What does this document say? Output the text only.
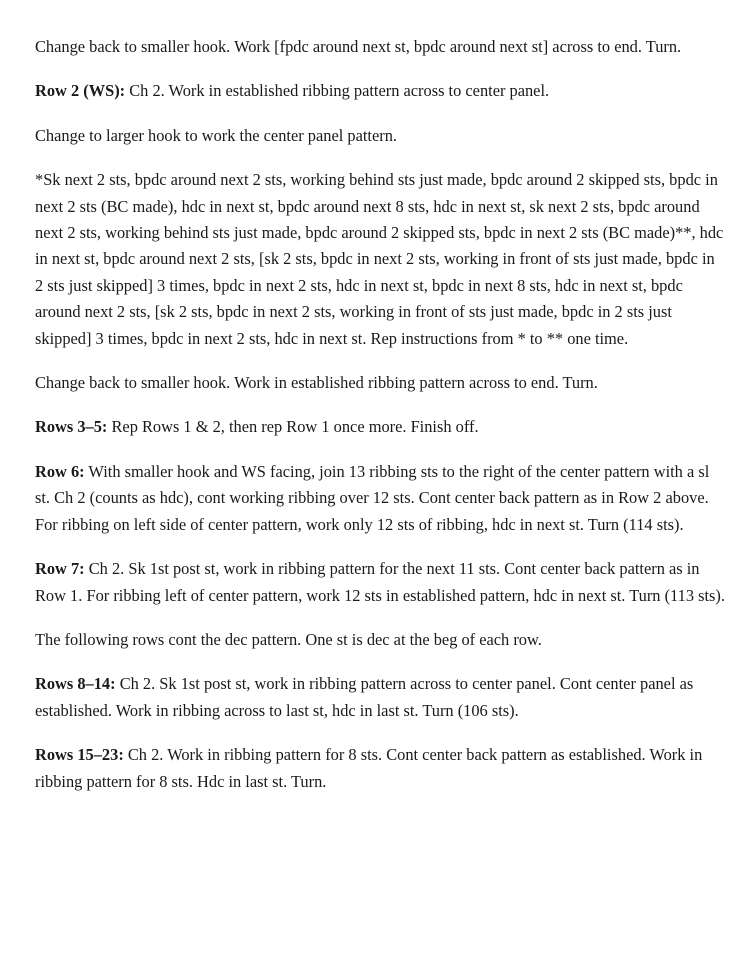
Change back to smaller hook. Work [fpdc around next st, bpdc around next st] across to end. Turn.

Row 2 (WS): Ch 2. Work in established ribbing pattern across to center panel.

Change to larger hook to work the center panel pattern.

*Sk next 2 sts, bpdc around next 2 sts, working behind sts just made, bpdc around 2 skipped sts, bpdc in next 2 sts (BC made), hdc in next st, bpdc around next 8 sts, hdc in next st, sk next 2 sts, bpdc around next 2 sts, working behind sts just made, bpdc around 2 skipped sts, bpdc in next 2 sts (BC made)**, hdc in next st, bpdc around next 2 sts, [sk 2 sts, bpdc in next 2 sts, working in front of sts just made, bpdc in 2 sts just skipped] 3 times, bpdc in next 2 sts, hdc in next st, bpdc in next 8 sts, hdc in next st, bpdc around next 2 sts, [sk 2 sts, bpdc in next 2 sts, working in front of sts just made, bpdc in 2 sts just skipped] 3 times, bpdc in next 2 sts, hdc in next st. Rep instructions from * to ** one time.

Change back to smaller hook. Work in established ribbing pattern across to end. Turn.

Rows 3–5: Rep Rows 1 & 2, then rep Row 1 once more. Finish off.

Row 6: With smaller hook and WS facing, join 13 ribbing sts to the right of the center pattern with a sl st. Ch 2 (counts as hdc), cont working ribbing over 12 sts. Cont center back pattern as in Row 2 above. For ribbing on left side of center pattern, work only 12 sts of ribbing, hdc in next st. Turn (114 sts).

Row 7: Ch 2. Sk 1st post st, work in ribbing pattern for the next 11 sts. Cont center back pattern as in Row 1. For ribbing left of center pattern, work 12 sts in established pattern, hdc in next st. Turn (113 sts).

The following rows cont the dec pattern. One st is dec at the beg of each row.

Rows 8–14: Ch 2. Sk 1st post st, work in ribbing pattern across to center panel. Cont center panel as established. Work in ribbing across to last st, hdc in last st. Turn (106 sts).

Rows 15–23: Ch 2. Work in ribbing pattern for 8 sts. Cont center back pattern as established. Work in ribbing pattern for 8 sts. Hdc in last st. Turn.
